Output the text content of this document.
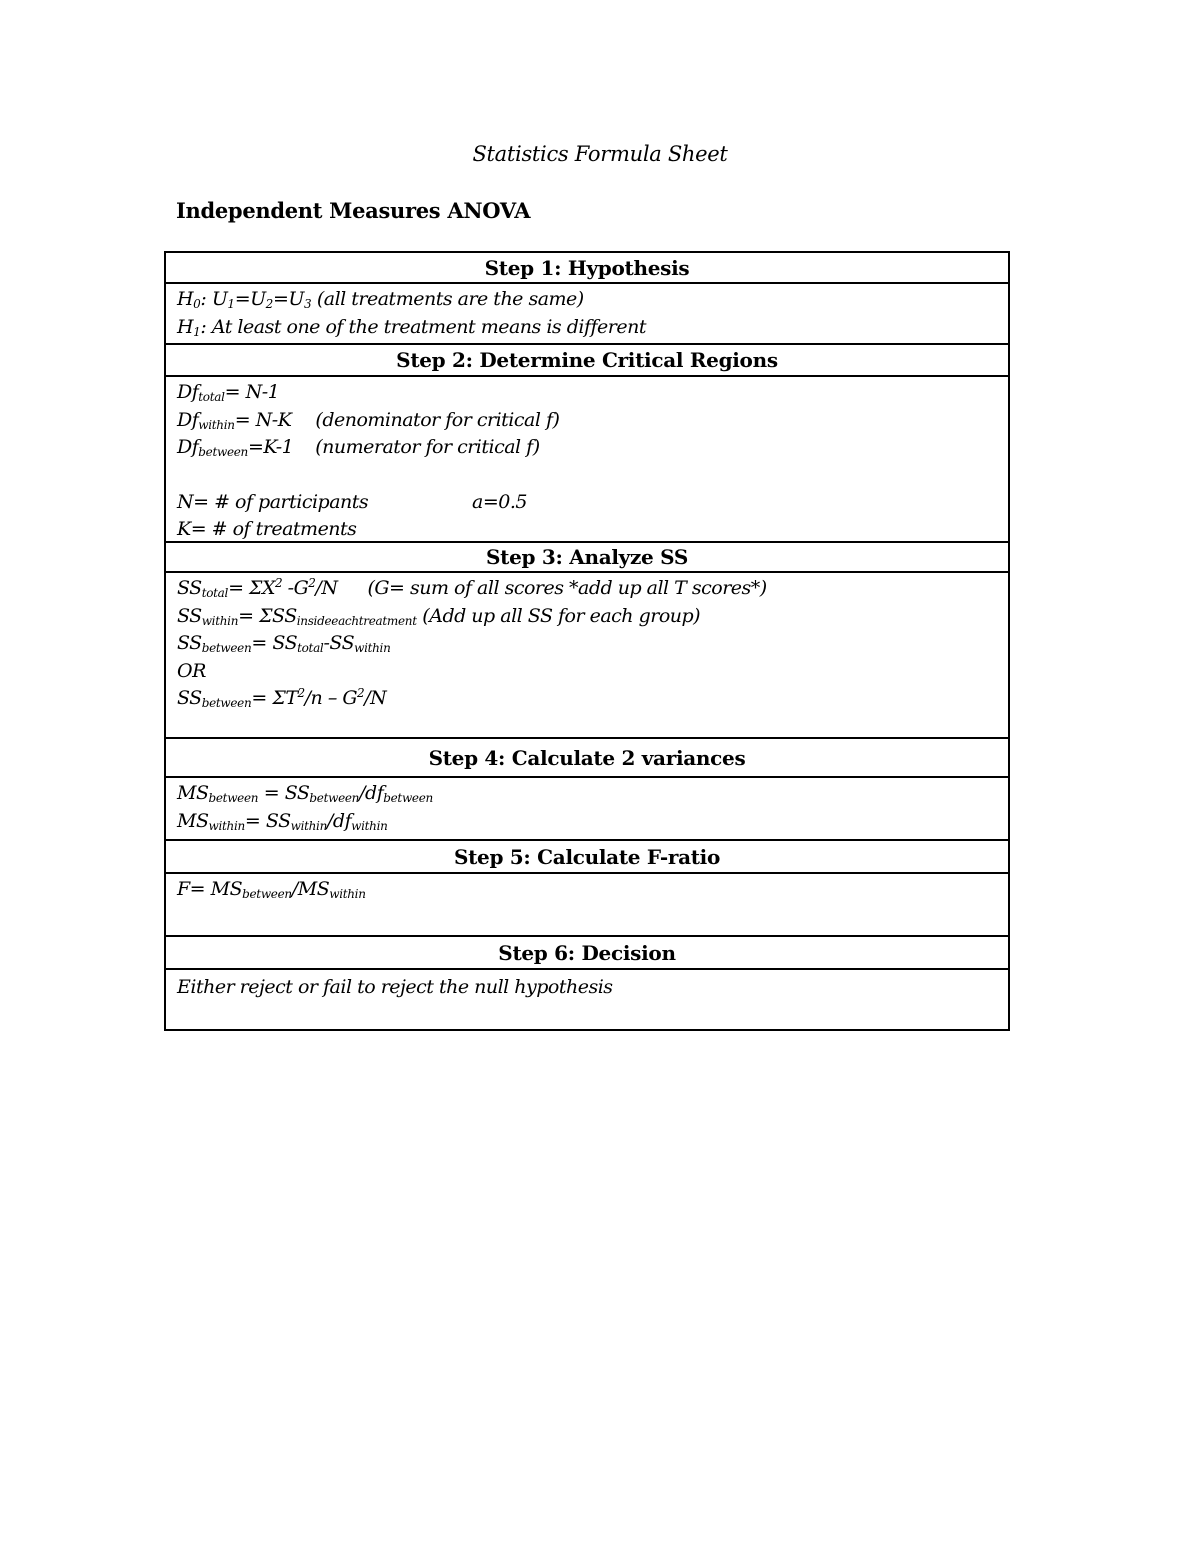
Statistics Formula Sheet
Independent Measures ANOVA
Step 1: Hypothesis
$H_0$: $U_1=U_2=U_3$ (all treatments are the same)
$H_1$: At least one of the treatment means is different
Step 2: Determine Critical Regions
$Df_{total}= N-1$
$Df_{within}= N-K$ (denominator for critical f)
$Df_{between}=K-1$ (numerator for critical f)
N= # of participants	a=0.5
K= # of treatments
Step 3: Analyze SS
$SS_{total}= \Sigma X^2$ $-G^2/N$ (G= sum of all scores *add up all T scores*)
$SS_{within}= \Sigma SS_{insideeachtreatment}$ (Add up all SS for each group)
$SS_{between}= SS_{total}-SS_{within}$
OR
$SS_{between}= \Sigma T^2/n - G^2/N$
Step 4: Calculate 2 variances
$MS_{between} = SS_{between}/df_{between}$
$MS_{within}= SS_{within}/df_{within}$
Step 5: Calculate F-ratio
$F= MS_{between}/MS_{within}$
Step 6: Decision
Either reject or fail to reject the null hypothesis
